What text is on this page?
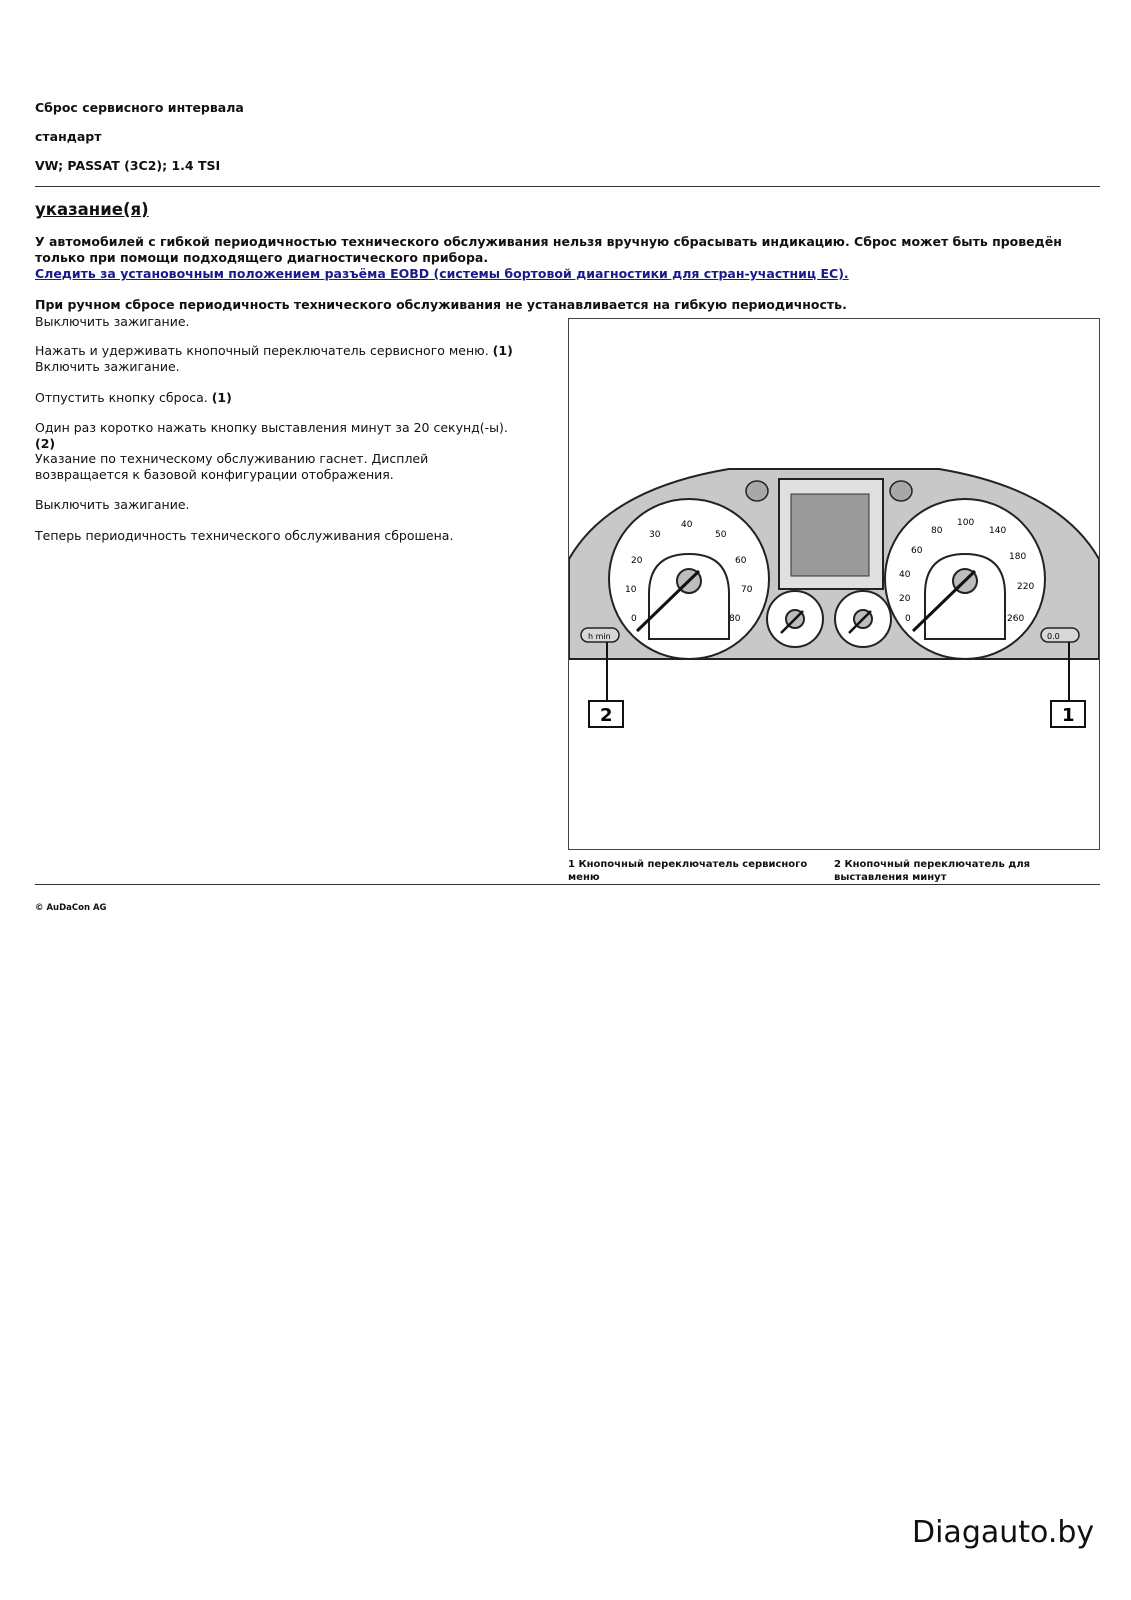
Сброс сервисного интервала
стандарт
VW; PASSAT (3C2); 1.4 TSI
указание(я)
У автомобилей с гибкой периодичностью технического обслуживания нельзя вручную сбрасывать индикацию. Сброс может быть проведён только при помощи подходящего диагностического прибора.
Следить за установочным положением разъёма EOBD (системы бортовой диагностики для стран-участниц ЕС).
При ручном сбросе периодичность технического обслуживания не устанавливается на гибкую периодичность.
Выключить зажигание.
Нажать и удерживать кнопочный переключатель сервисного меню. (1)
Включить зажигание.
Отпустить кнопку сброса. (1)
Один раз коротко нажать кнопку выставления минут за 20 секунд(-ы). (2)
Указание по техническому обслуживанию гаснет. Дисплей возвращается к базовой конфигурации отображения.
Выключить зажигание.
Теперь периодичность технического обслуживания сброшена.
0
10
20
30
40
50
60
70
80	0
20
40
60
80
100
140
180
220
260
h min	0.0
2	1
1 Кнопочный переключатель сервисного меню
2 Кнопочный переключатель для выставления минут
© AuDaCon AG
Diagauto.by
